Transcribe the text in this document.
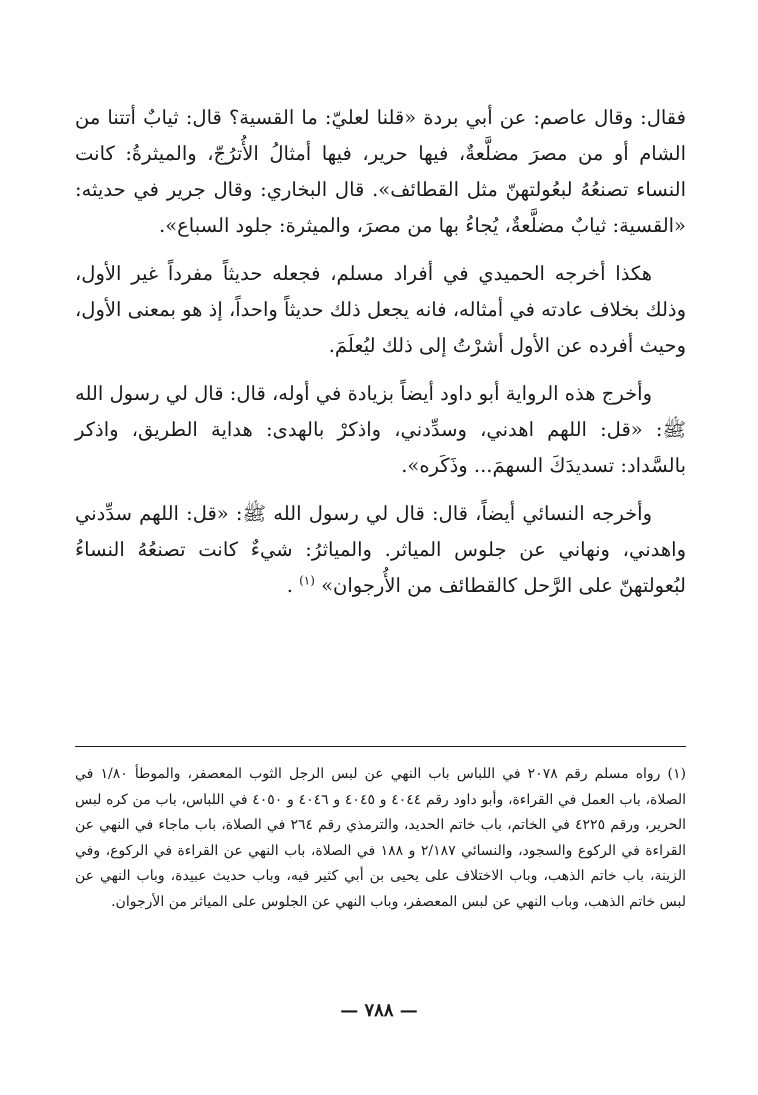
فقال: وقال عاصم: عن أبي بردة «قلنا لعليّ: ما القسية؟ قال: ثيابٌ أتتنا من الشام أو من مصرَ مضلَّعةٌ، فيها حرير، فيها أمثالُ الأُترُجّ، والميثرةُ: كانت النساء تصنعُهُ لبعُولتهنّ مثل القطائف». قال البخاري: وقال جرير في حديثه: «القسية: ثيابٌ مضلَّعةٌ، يُجاءُ بها من مصرَ، والميثرة: جلود السباع».

هكذا أخرجه الحميدي في أفراد مسلم، فجعله حديثاً مفرداً غير الأول، وذلك بخلاف عادته في أمثاله، فانه يجعل ذلك حديثاً واحداً، إذ هو بمعنى الأول، وحيث أفرده عن الأول أشرْتُ إلى ذلك ليُعلَمَ.

وأخرج هذه الرواية أبو داود أيضاً بزيادة في أوله، قال: قال لي رسول الله ﷺ: «قل: اللهم اهدني، وسدِّدني، واذكرْ بالهدى: هداية الطريق، واذكر بالسَّداد: تسديدَكَ السهمَ... وذَكَره».

وأخرجه النسائي أيضاً، قال: قال لي رسول الله ﷺ: «قل: اللهم سدِّدني واهدني، ونهاني عن جلوس المياثر. والمياثرُ: شيءٌ كانت تصنعُهُ النساءُ لبُعولتهنّ على الرَّحل كالقطائف من الأُرجوان» $^{(١)}$ .

(١) رواه مسلم رقم ٢٠٧٨ في اللباس باب النهي عن لبس الرجل الثوب المعصفر، والموطأ ١/٨٠ في الصلاة، باب العمل في القراءة، وأبو داود رقم ٤٠٤٤ و ٤٠٤٥ و ٤٠٤٦ و ٤٠٥٠ في اللباس، باب من كره لبس الحرير، ورقم ٤٢٢٥ في الخاتم، باب خاتم الحديد، والترمذي رقم ٢٦٤ في الصلاة، باب ماجاء في النهي عن القراءة في الركوع والسجود، والنسائي ٢/١٨٧ و ١٨٨ في الصلاة، باب النهي عن القراءة في الركوع، وفي الزينة، باب خاتم الذهب، وباب الاختلاف على يحيى بن أبي كثير فيه، وباب حديث عبيدة، وباب النهي عن لبس خاتم الذهب، وباب النهي عن لبس المعصفر، وباب النهي عن الجلوس على المياثر من الأرجوان.

— ٧٨٨ —
